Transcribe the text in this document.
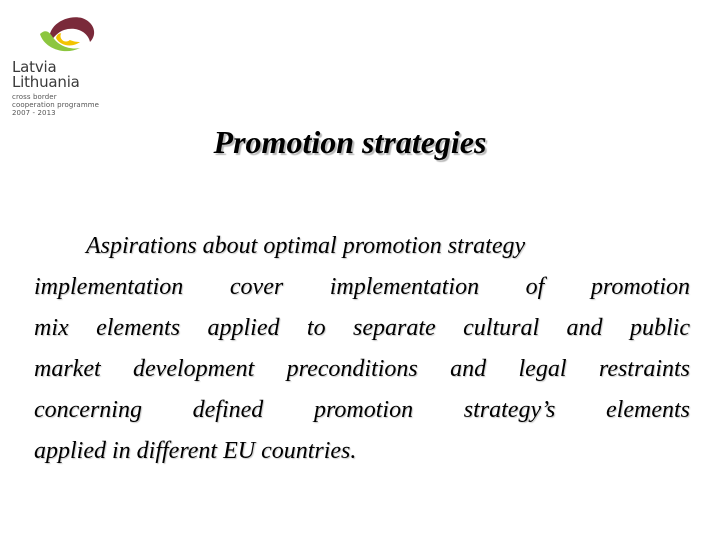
Latvia
Lithuania
cross border
cooperation programme
2007 - 2013
Promotion strategies
Aspirations about optimal promotion strategy
implementation cover implementation of promotion
mix elements applied to separate cultural and public
market development preconditions and legal restraints
concerning defined promotion strategy’s elements
applied in different EU countries.
